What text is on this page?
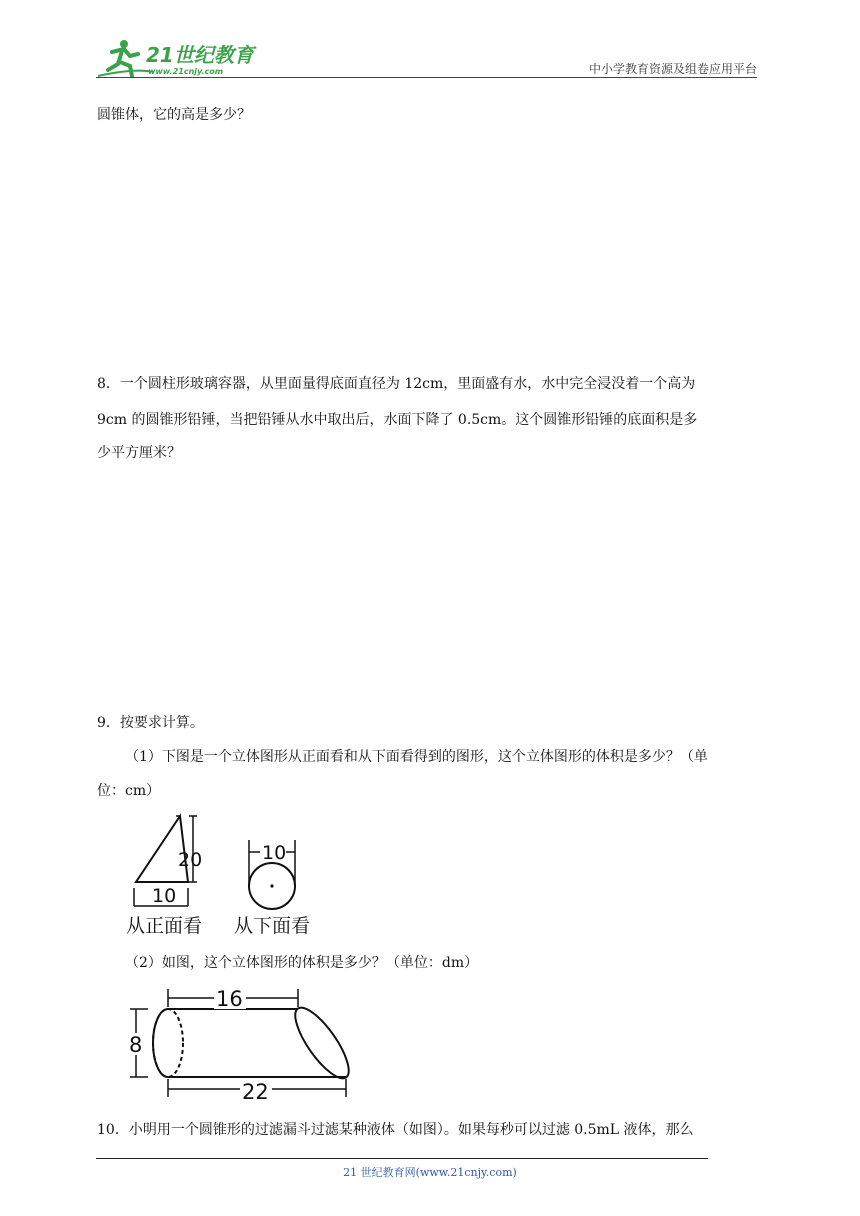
21世纪教育
www.21cnjy.com	中小学教育资源及组卷应用平台
圆锥体，它的高是多少？
8．一个圆柱形玻璃容器，从里面量得底面直径为 12cm，里面盛有水，水中完全浸没着一个高为
9cm 的圆锥形铅锤，当把铅锤从水中取出后，水面下降了 0.5cm。这个圆锥形铅锤的底面积是多
少平方厘米？
9．按要求计算。
（1）下图是一个立体图形从正面看和从下面看得到的图形，这个立体图形的体积是多少？（单
位：cm）
20
10
从正面看
10
从下面看
（2）如图，这个立体图形的体积是多少？（单位：dm）
16
8
22
10．小明用一个圆锥形的过滤漏斗过滤某种液体（如图）。如果每秒可以过滤 0.5mL 液体，那么
21 世纪教育网(www.21cnjy.com)
